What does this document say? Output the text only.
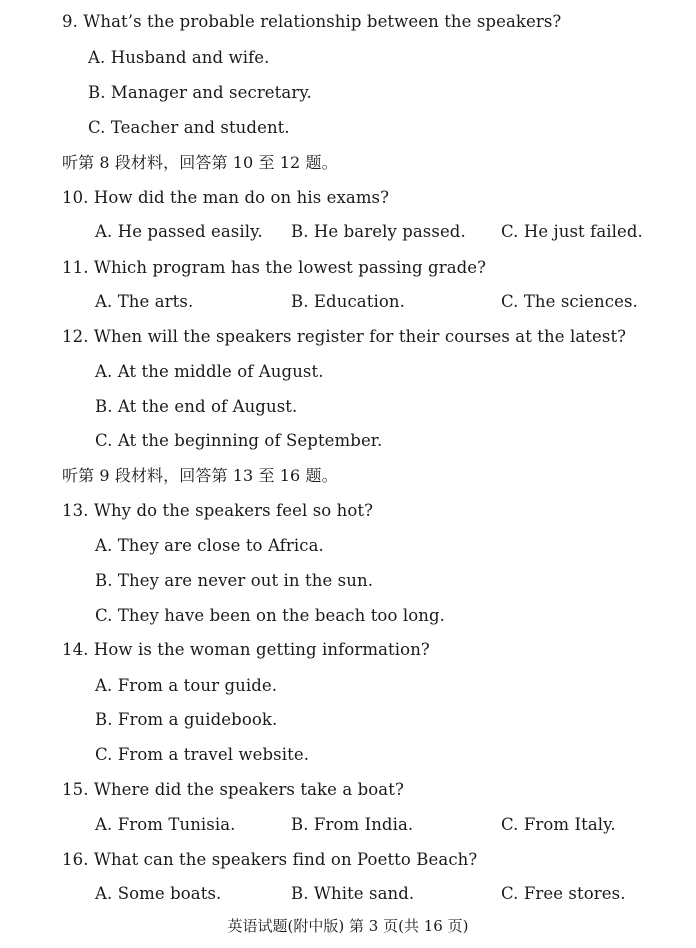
9. What’s the probable relationship between the speakers?
A. Husband and wife.
B. Manager and secretary.
C. Teacher and student.
听第 8 段材料，回答第 10 至 12 题。
10. How did the man do on his exams?
A. He passed easily. B. He barely passed. C. He just failed.
11. Which program has the lowest passing grade?
A. The arts.	B. Education.	C. The sciences.
12. When will the speakers register for their courses at the latest?
A. At the middle of August.
B. At the end of August.
C. At the beginning of September.
听第 9 段材料，回答第 13 至 16 题。
13. Why do the speakers feel so hot?
A. They are close to Africa.
B. They are never out in the sun.
C. They have been on the beach too long.
14. How is the woman getting information?
A. From a tour guide.
B. From a guidebook.
C. From a travel website.
15. Where did the speakers take a boat?
A. From Tunisia.	B. From India.	C. From Italy.
16. What can the speakers find on Poetto Beach?
A. Some boats.	B. White sand.	C. Free stores.
英语试题(附中版) 第 3 页(共 16 页)
